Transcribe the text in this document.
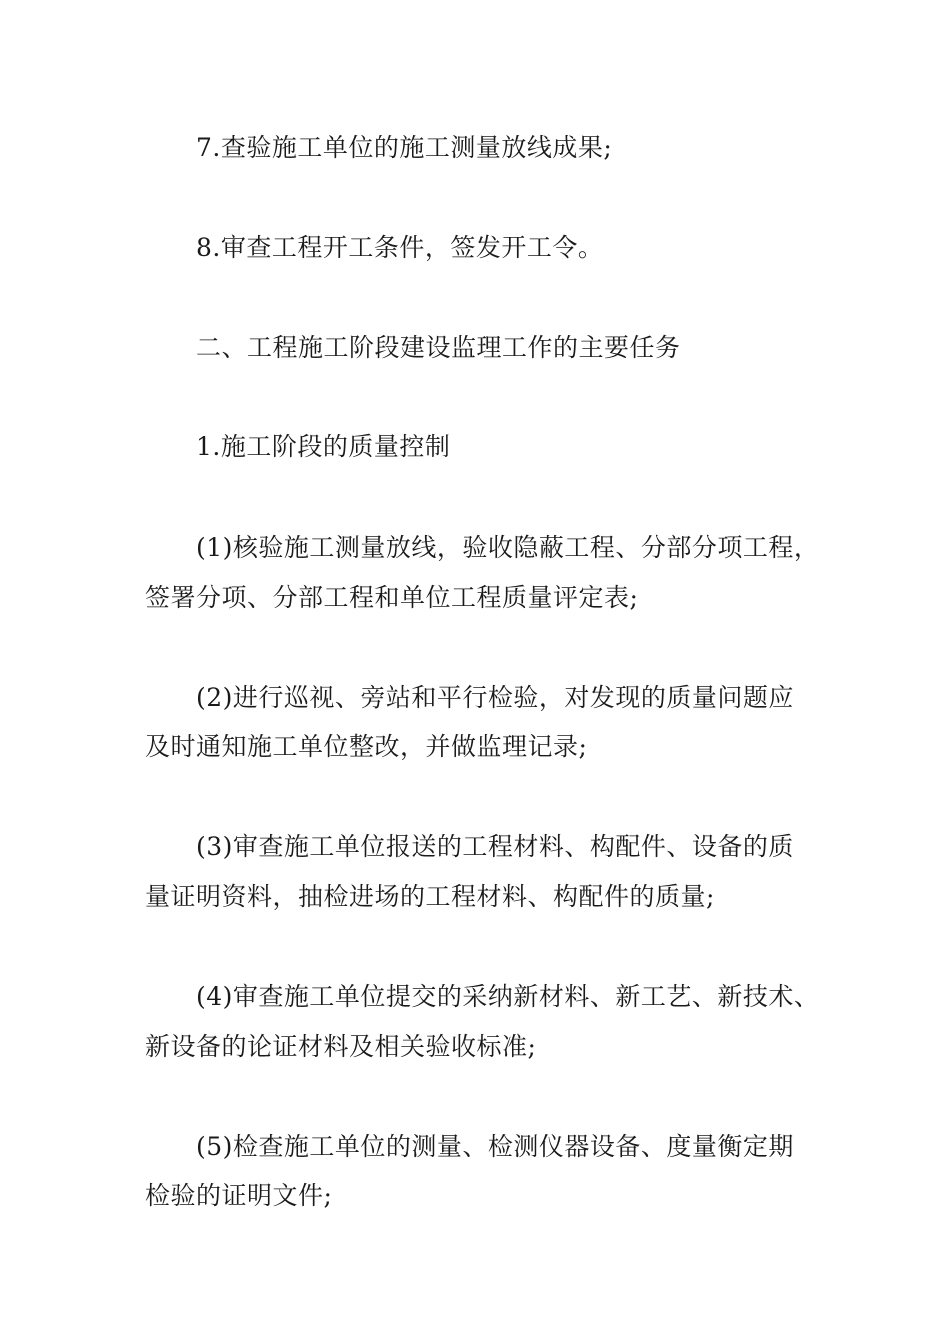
7.查验施工单位的施工测量放线成果;
8.审查工程开工条件，签发开工令。
二、工程施工阶段建设监理工作的主要任务
1.施工阶段的质量控制
(1)核验施工测量放线，验收隐蔽工程、分部分项工程，
签署分项、分部工程和单位工程质量评定表;
(2)进行巡视、旁站和平行检验，对发现的质量问题应
及时通知施工单位整改，并做监理记录;
(3)审查施工单位报送的工程材料、构配件、设备的质
量证明资料，抽检进场的工程材料、构配件的质量;
(4)审查施工单位提交的采纳新材料、新工艺、新技术、
新设备的论证材料及相关验收标准;
(5)检查施工单位的测量、检测仪器设备、度量衡定期
检验的证明文件;
